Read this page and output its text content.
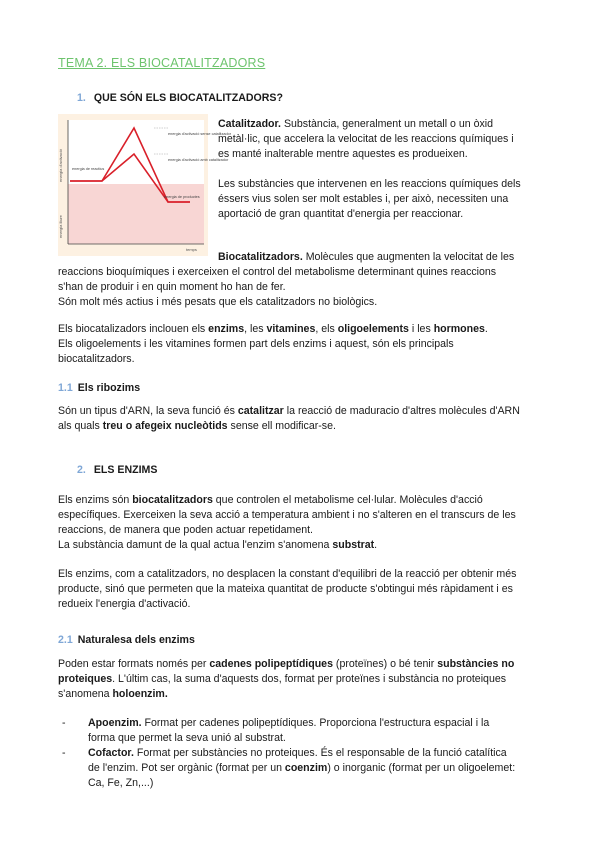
TEMA 2. ELS BIOCATALITZADORS
1. QUE SÓN ELS BIOCATALITZADORS?
energia d'activació
energia lliure
energia d'activació sense catalitzador
energia d'activació amb catalitzador
energia de reactius
energia de productes
temps

Catalitzador. Substància, generalment un metall o un òxid

metàl·lic, que accelera la velocitat de les reaccions químiques i

es manté inalterable mentre aquestes es produeixen.

Les substàncies que intervenen en les reaccions químiques dels

éssers vius solen ser molt estables i, per això, necessiten una

aportació de gran quantitat d'energia per reaccionar.

Biocatalitzadors. Molècules que augmenten la velocitat de les

reaccions bioquímiques i exerceixen el control del metabolisme determinant quines reaccions

s'han de produir i en quin moment ho han de fer.

Són molt més actius i més pesats que els catalitzadors no biològics.

Els biocatalizadors inclouen els enzims, les vitamines, els oligoelements i les hormones.

Els oligoelements i les vitamines formen part dels enzims i aquest, són els principals

biocatalitzadors.

1.1 Els ribozims

Són un tipus d'ARN, la seva funció és catalitzar la reacció de maduracio d'altres molècules d'ARN

als quals treu o afegeix nucleòtids sense ell modificar-se.

2. ELS ENZIMS

Els enzims són biocatalitzadors que controlen el metabolisme cel·lular. Molècules d'acció

específiques. Exerceixen la seva acció a temperatura ambient i no s'alteren en el transcurs de les

reaccions, de manera que poden actuar repetidament.

La substància damunt de la qual actua l'enzim s'anomena substrat.

Els enzims, com a catalitzadors, no desplacen la constant d'equilibri de la reacció per obtenir més

producte, sinó que permeten que la mateixa quantitat de producte s'obtingui més ràpidament i es

redueix l'energia d'activació.

2.1 Naturalesa dels enzims

Poden estar formats només per cadenes polipeptídiques (proteïnes) o bé tenir substàncies no

proteiques. L'últim cas, la suma d'aquests dos, format per proteïnes i substància no proteiques

s'anomena holoenzim.

- Apoenzim. Format per cadenes polipeptídiques. Proporciona l'estructura espacial i la
forma que permet la seva unió al substrat.
- Cofactor. Format per substàncies no proteiques. És el responsable de la funció catalítica
de l'enzim. Pot ser orgànic (format per un coenzim) o inorganic (format per un oligoelemet:
Ca, Fe, Zn,...)
